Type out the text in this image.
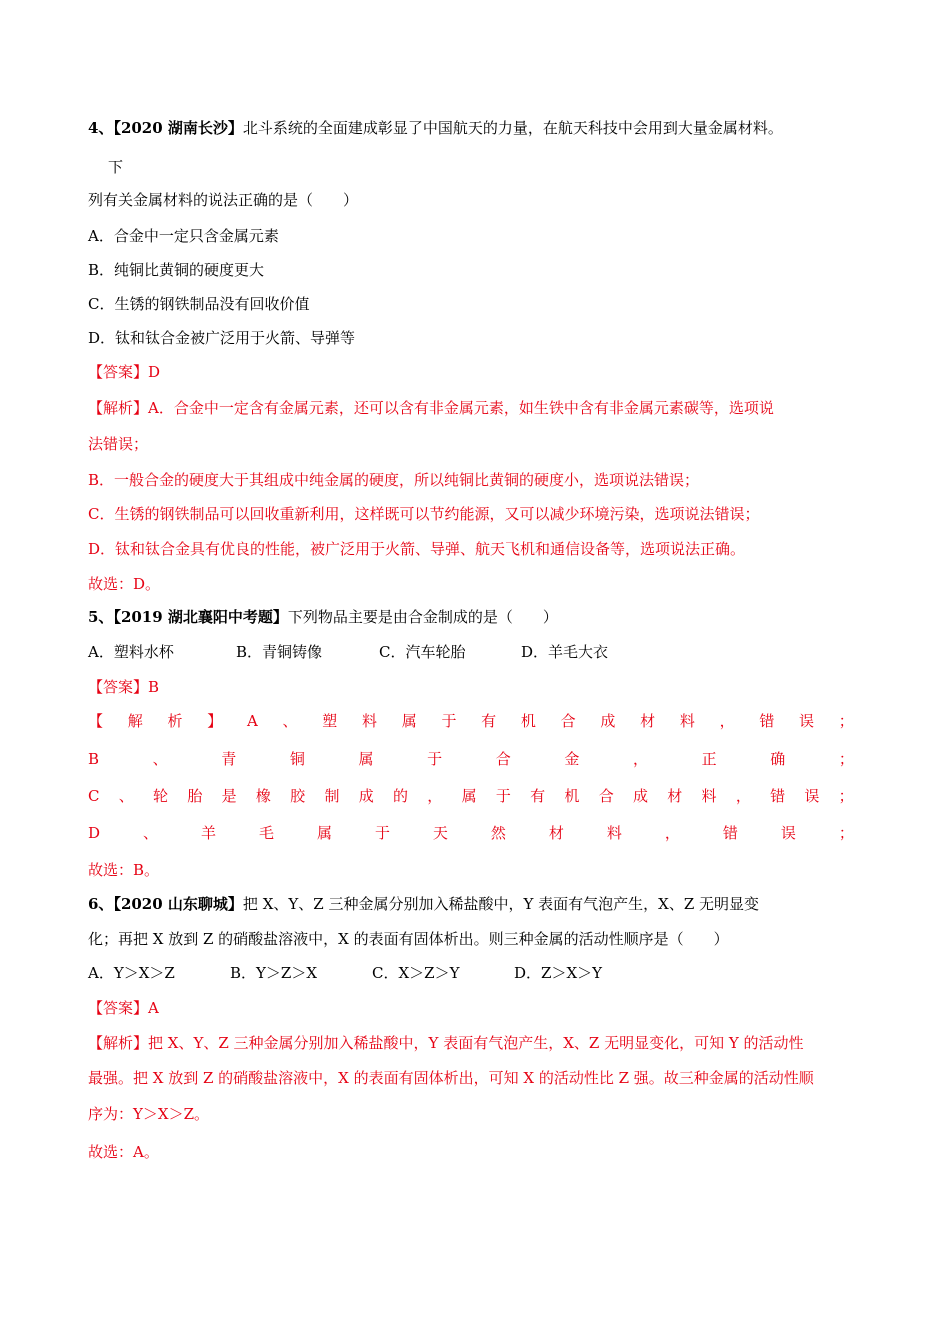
4、【2020 湖南长沙】北斗系统的全面建成彰显了中国航天的力量，在航天科技中会用到大量金属材料。
下
列有关金属材料的说法正确的是（　　）
A．合金中一定只含金属元素
B．纯铜比黄铜的硬度更大
C．生锈的钢铁制品没有回收价值
D．钛和钛合金被广泛用于火箭、导弹等
【答案】D
【解析】A．合金中一定含有金属元素，还可以含有非金属元素，如生铁中含有非金属元素碳等，选项说
法错误；
B．一般合金的硬度大于其组成中纯金属的硬度，所以纯铜比黄铜的硬度小，选项说法错误；
C．生锈的钢铁制品可以回收重新利用，这样既可以节约能源，又可以减少环境污染，选项说法错误；
D．钛和钛合金具有优良的性能，被广泛用于火箭、导弹、航天飞机和通信设备等，选项说法正确。
故选：D。
5、【2019 湖北襄阳中考题】下列物品主要是由合金制成的是（　　）
A．塑料水杯	B．青铜铸像	C．汽车轮胎	D．羊毛大衣
【答案】B
【 解 析 】 A 、 塑 料 属 于 有 机 合 成 材 料 ， 错 误 ；
B	、	青	铜	属	于	合	金	，	正	确	；
C 、 轮 胎 是 橡 胶 制 成 的 ， 属 于 有 机 合 成 材 料 ， 错 误 ；
D	、	羊	毛	属	于	天	然	材	料	，	错	误	；
故选：B。
6、【2020 山东聊城】把 X、Y、Z 三种金属分别加入稀盐酸中，Y 表面有气泡产生，X、Z 无明显变
化；再把 X 放到 Z 的硝酸盐溶液中，X 的表面有固体析出。则三种金属的活动性顺序是（　　）
A．Y＞X＞Z	B．Y＞Z＞X	C．X＞Z＞Y	D．Z＞X＞Y
【答案】A
【解析】把 X、Y、Z 三种金属分别加入稀盐酸中，Y 表面有气泡产生，X、Z 无明显变化，可知 Y 的活动性
最强。把 X 放到 Z 的硝酸盐溶液中，X 的表面有固体析出，可知 X 的活动性比 Z 强。故三种金属的活动性顺
序为：Y＞X＞Z。
故选：A。
